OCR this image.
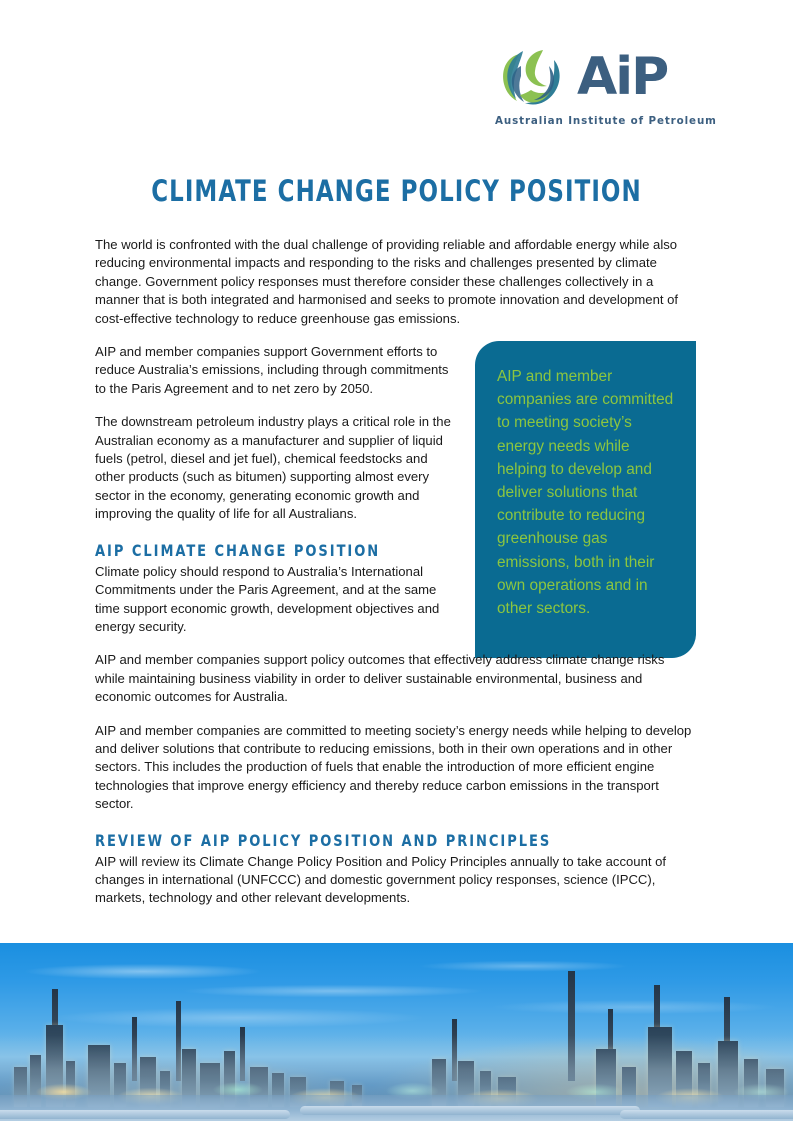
AiP
Australian Institute of Petroleum
CLIMATE CHANGE POLICY POSITION
AIP and member companies are committed to meeting society’s energy needs while helping to develop and deliver solutions that contribute to reducing greenhouse gas emissions, both in their own operations and in other sectors.

The world is confronted with the dual challenge of providing reliable and affordable energy while also reducing environmental impacts and responding to the risks and challenges presented by climate change. Government policy responses must therefore consider these challenges collectively in a manner that is both integrated and harmonised and seeks to promote innovation and development of cost-effective technology to reduce greenhouse gas emissions.

AIP and member companies support Government efforts to reduce Australia’s emissions, including through commitments to the Paris Agreement and to net zero by 2050.

The downstream petroleum industry plays a critical role in the Australian economy as a manufacturer and supplier of liquid fuels (petrol, diesel and jet fuel), chemical feedstocks and other products (such as bitumen) supporting almost every sector in the economy, generating economic growth and improving the quality of life for all Australians.

AIP CLIMATE CHANGE POSITION

Climate policy should respond to Australia’s International Commitments under the Paris Agreement, and at the same time support economic growth, development objectives and energy security.

AIP and member companies support policy outcomes that effectively address climate change risks while maintaining business viability in order to deliver sustainable environmental, business and economic outcomes for Australia.

AIP and member companies are committed to meeting society’s energy needs while helping to develop and deliver solutions that contribute to reducing emissions, both in their own operations and in other sectors. This includes the production of fuels that enable the introduction of more efficient engine technologies that improve energy efficiency and thereby reduce carbon emissions in the transport sector.

REVIEW OF AIP POLICY POSITION AND PRINCIPLES

AIP will review its Climate Change Policy Position and Policy Principles annually to take account of changes in international (UNFCCC) and domestic government policy responses, science (IPCC), markets, technology and other relevant developments.
